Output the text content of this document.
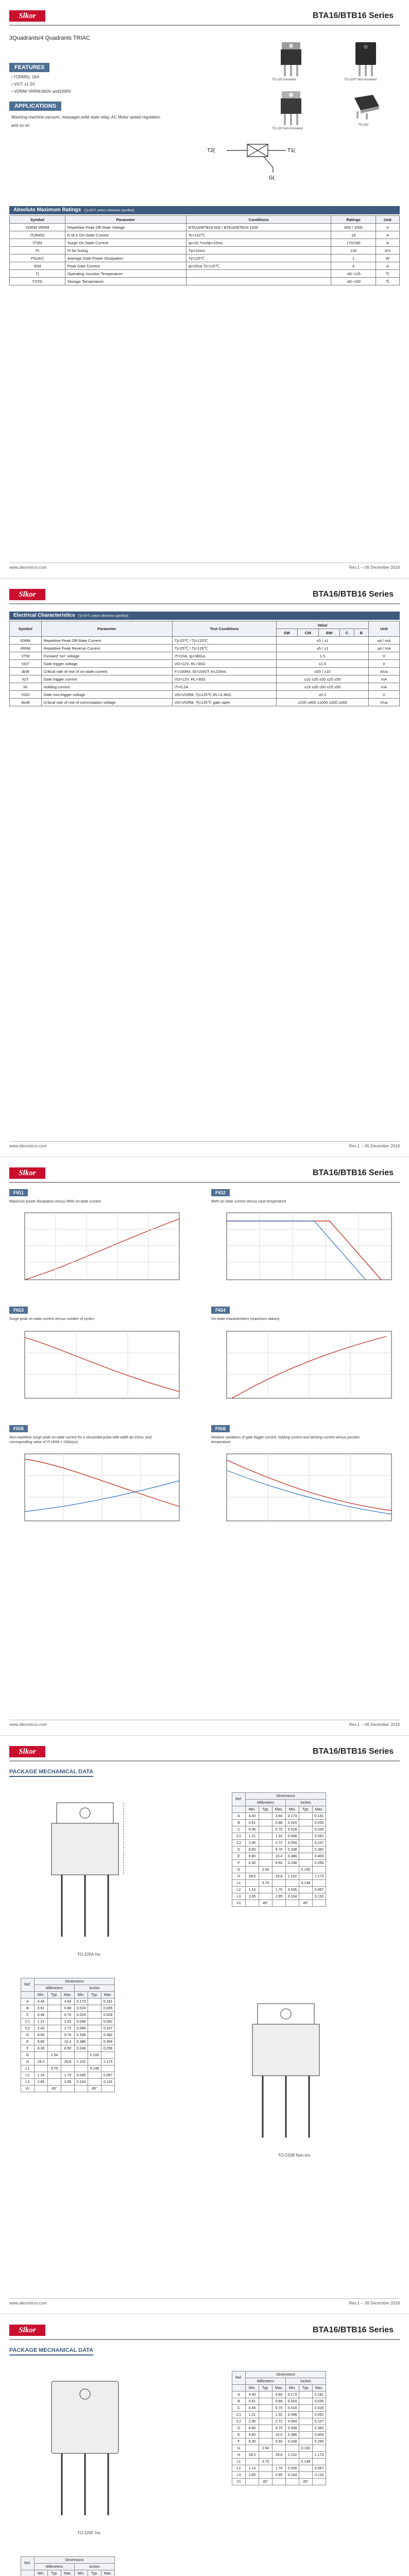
Slkor	BTA16/BTB16 Series
3Quadrants/4 Quadrants TRIAC
FEATURES
• IT(RMS): 16A
• VGT: ±1.5V
• VDRM/ VRRM:600V and1000V
APPLICATIONS
Washing machine,vacuum, massager,solid state relay, AC Motor speed regulation and so on
TO-220 Insulated	TO-220F Non-Insulated
TO-220 Non-Insulated
TO-263
T2(	T1(
G(
Absolute Maximum Ratings (Tj=25℃ unless otherwise specified)
Symbol	Parameter	Conditions	Ratings	Unit
VDRM VRRM	Repetitive Peak Off-State Voltage	BTA16/BTB16-600 / BTA16/BTB16-1000	600 / 1000	V
IT(RMS)	R.M.S On-State Current	Tc=110℃	16	A
ITSM	Surge On-State Current	tp=16.7ms/tp=10ms	170/160	A
I²t	I²t for fusing	Tp=10ms	118	A²s
PG(AV)	Average Gate Power Dissipation	Tj=125℃	1	W
IGM	Peak Gate Current	tp=20us Tj=125℃	4	A
Tj	Operating Junction Temperature		-40~125	℃
TSTG	Storage Temperature		-40~150	℃
www.slkormicro.com	Rev.1 -- 06 December 2018
Slkor	BTA16/BTB16 Series
Electrical Characteristics (Tj=25℃ unless otherwise specified)
Symbol	Parameter	Test Conditions	Value					Unit
			SW	CW	BW	C	B	
IDRM	Repetitive Peak Off-State Current	Tj=25℃ / Tj=125℃	±5 / ±1					uA / mA
IRRM	Repetitive Peak Reverse Current	Tj=25℃ / Tj=125℃	±5 / ±1					uA / mA
VTM	Forward "on" voltage	IT=23A, tp=380us	1.5					V
VGT	Gate trigger voltage	VD=12V, RL=30Ω	±1.5					V
dI/dt	Critical rate of rise of on-state current	F=100Hz, IG=2xIGT, tr≤100ns	±50 / ±10					A/us
IGT	Gate trigger current	VD=12V, RL=30Ω	≤10 ≤25 ≤50 ≤25 ≤50					mA
IH	Holding current	IT=0.2A	≤15 ≤35 ≤50 ≤25 ≤50					mA
VGD	Gate non-trigger voltage	VD=VDRM, Tj=125℃,RL=3.3KΩ	≥0.2					V
dv/dt	Critical rate of rise of commutation voltage	VD=VDRM, Tj=125℃ gate open	≥100 ≥400 ≥1000 ≥200 ≥400					V/us
www.slkormicro.com	Rev.1 -- 06 December 2018
Slkor	BTA16/BTB16 Series
FIG1
Maximum power dissipation versus RMS on-state current
FIG2
RMS on-state current versus case temperature
FIG3
Surge peak on-state current versus number of cycles
FIG4
On-state characteristics (maximum values)
FIG5
Non-repetitive surge peak on-state current for a sinusoidal pulse with width tp<10ms, and corresponding value of I²t (dI/dt < 100A/µs)
FIG6
Relative variations of gate trigger current, holding current and latching current versus junction temperature
www.slkormicro.com	Rev.1 -- 06 December 2018
Slkor	BTA16/BTB16 Series
PACKAGE MECHANICAL DATA
TO-220A Ins
Ref.	Dimensions					
	Millimeters			Inches		
	Min.	Typ.	Max.	Min.	Typ.	Max.
A	4.40		4.60	0.173		0.181
B	0.61		0.88	0.024		0.035
C	0.46		0.70	0.018		0.028
C1	1.21		1.32	0.048		0.052
C2	2.40		2.72	0.094		0.107
D	8.60		9.70	0.338		0.382
E	9.80		10.4	0.386		0.409
F	6.30		6.50	0.248		0.256
G		2.54			0.100	
H	28.0		29.8	1.102		1.173
L1		3.75			0.148	
L2	1.14		1.70	0.045		0.067
L3	2.65		2.95	0.104		0.116
V1		45°			45°	
Ref.	Dimensions					
	Millimeters			Inches		
	Min.	Typ.	Max.	Min.	Typ.	Max.
A	4.40		4.60	0.173		0.181
B	0.61		0.88	0.024		0.035
C	0.46		0.70	0.018		0.028
C1	1.21		1.32	0.048		0.052
C2	2.40		2.72	0.094		0.107
D	8.60		9.70	0.338		0.382
E	9.80		10.4	0.386		0.409
F	6.30		6.50	0.248		0.256
G		2.54			0.100	
H	28.0		29.8	1.102		1.173
L1		3.75			0.148	
L2	1.14		1.70	0.045		0.067
L3	2.65		2.95	0.104		0.116
V1		45°			45°	
TO-220B Non-Ins
www.slkormicro.com	Rev.1 -- 06 December 2018
Slkor	BTA16/BTB16 Series
PACKAGE MECHANICAL DATA
TO-220F Ins
Ref.	Dimensions					
	Millimeters			Inches		
	Min.	Typ.	Max.	Min.	Typ.	Max.
A	4.40		4.60	0.173		0.181
B	0.61		0.88	0.024		0.035
C	0.46		0.70	0.018		0.028
C1	1.21		1.32	0.048		0.052
C2	2.40		2.72	0.094		0.107
D	8.60		9.70	0.338		0.382
E	9.80		10.4	0.386		0.409
F	6.30		6.50	0.248		0.256
G		2.54			0.100	
H	28.0		29.8	1.102		1.173
L1		3.75			0.148	
L2	1.14		1.70	0.045		0.067
L3	2.65		2.95	0.104		0.116
V1		45°			45°	
Ref.	Dimensions					
	Millimeters			Inches		
	Min.	Typ.	Max.	Min.	Typ.	Max.
